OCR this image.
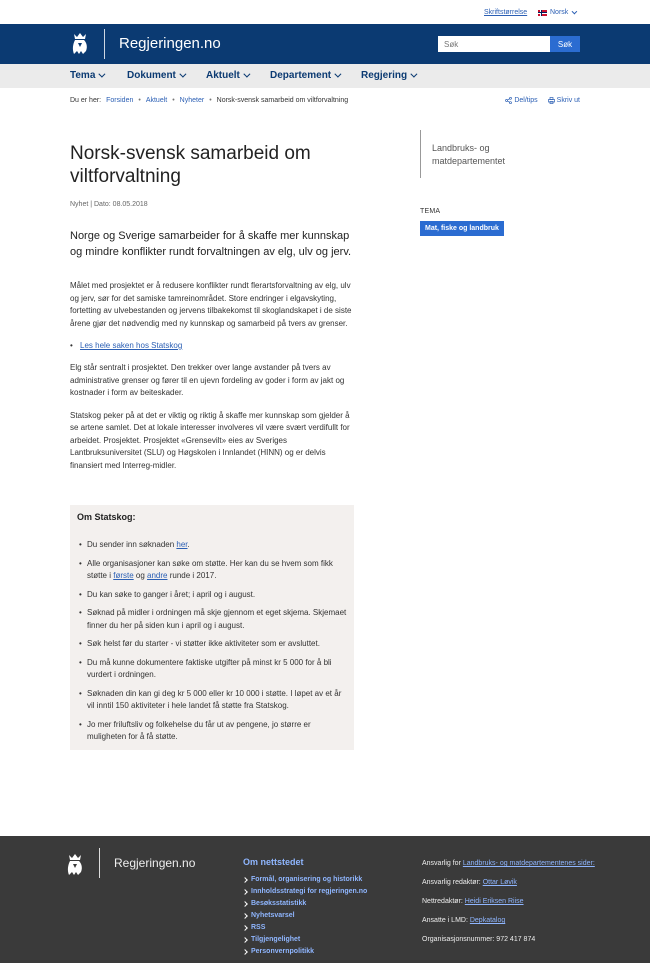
Skriftstørrelse	Norsk
Regjeringen.no
Søk	Søk
Tema	Dokument	Aktuelt	Departement	Regjering
Du er her: Forsiden • Aktuelt • Nyheter • Norsk-svensk samarbeid om viltforvaltning	Del/tips	Skriv ut
Norsk-svensk samarbeid om viltforvaltning
Nyhet | Dato: 08.05.2018

Norge og Sverige samarbeider for å skaffe mer kunnskap og mindre konflikter rundt forvaltningen av elg, ulv og jerv.

Målet med prosjektet er å redusere konflikter rundt flerartsforvaltning av elg, ulv og jerv, sør for det samiske tamreinområdet. Store endringer i elgavskyting, fortetting av ulvebestanden og jervens tilbakekomst til skoglandskapet i de siste årene gjør det nødvendig med ny kunnskap og samarbeid på tvers av grenser.

• Les hele saken hos Statskog

Elg står sentralt i prosjektet. Den trekker over lange avstander på tvers av administrative grenser og fører til en ujevn fordeling av goder i form av jakt og kostnader i form av beiteskader.

Statskog peker på at det er viktig og riktig å skaffe mer kunnskap som gjelder å se artene samlet. Det at lokale interesser involveres vil være svært verdifullt for arbeidet. Prosjektet. Prosjektet «Grensevilt» eies av Sveriges Lantbruksuniversitet (SLU) og Høgskolen i Innlandet (HINN) og er delvis finansiert med Interreg-midler.

Om Statskog:
• Du sender inn søknaden her.
• Alle organisasjoner kan søke om støtte. Her kan du se hvem som fikk støtte i første og andre runde i 2017.
• Du kan søke to ganger i året; i april og i august.
• Søknad på midler i ordningen må skje gjennom et eget skjema. Skjemaet finner du her på siden kun i april og i august.
• Søk helst før du starter - vi støtter ikke aktiviteter som er avsluttet.
• Du må kunne dokumentere faktiske utgifter på minst kr 5 000 for å bli vurdert i ordningen.
• Søknaden din kan gi deg kr 5 000 eller kr 10 000 i støtte. I løpet av et år vil inntil 150 aktiviteter i hele landet få støtte fra Statskog.
• Jo mer friluftsliv og folkehelse du får ut av pengene, jo større er muligheten for å få støtte.
Landbruks- og matdepartementet
TEMA
Mat, fiske og landbruk
Regjeringen.no	Om nettstedet
Formål, organisering og historikk
Innholdsstrategi for regjeringen.no
Besøksstatistikk
Nyhetsvarsel
RSS
Tilgjengelighet
Personvernpolitikk

Ansvarlig for Landbruks- og matdepartementenes sider:

Ansvarlig redaktør: Ottar Løvik

Nettredaktør: Heidi Eriksen Riise

Ansatte i LMD: Depkatalog

Organisasjonsnummer: 972 417 874
